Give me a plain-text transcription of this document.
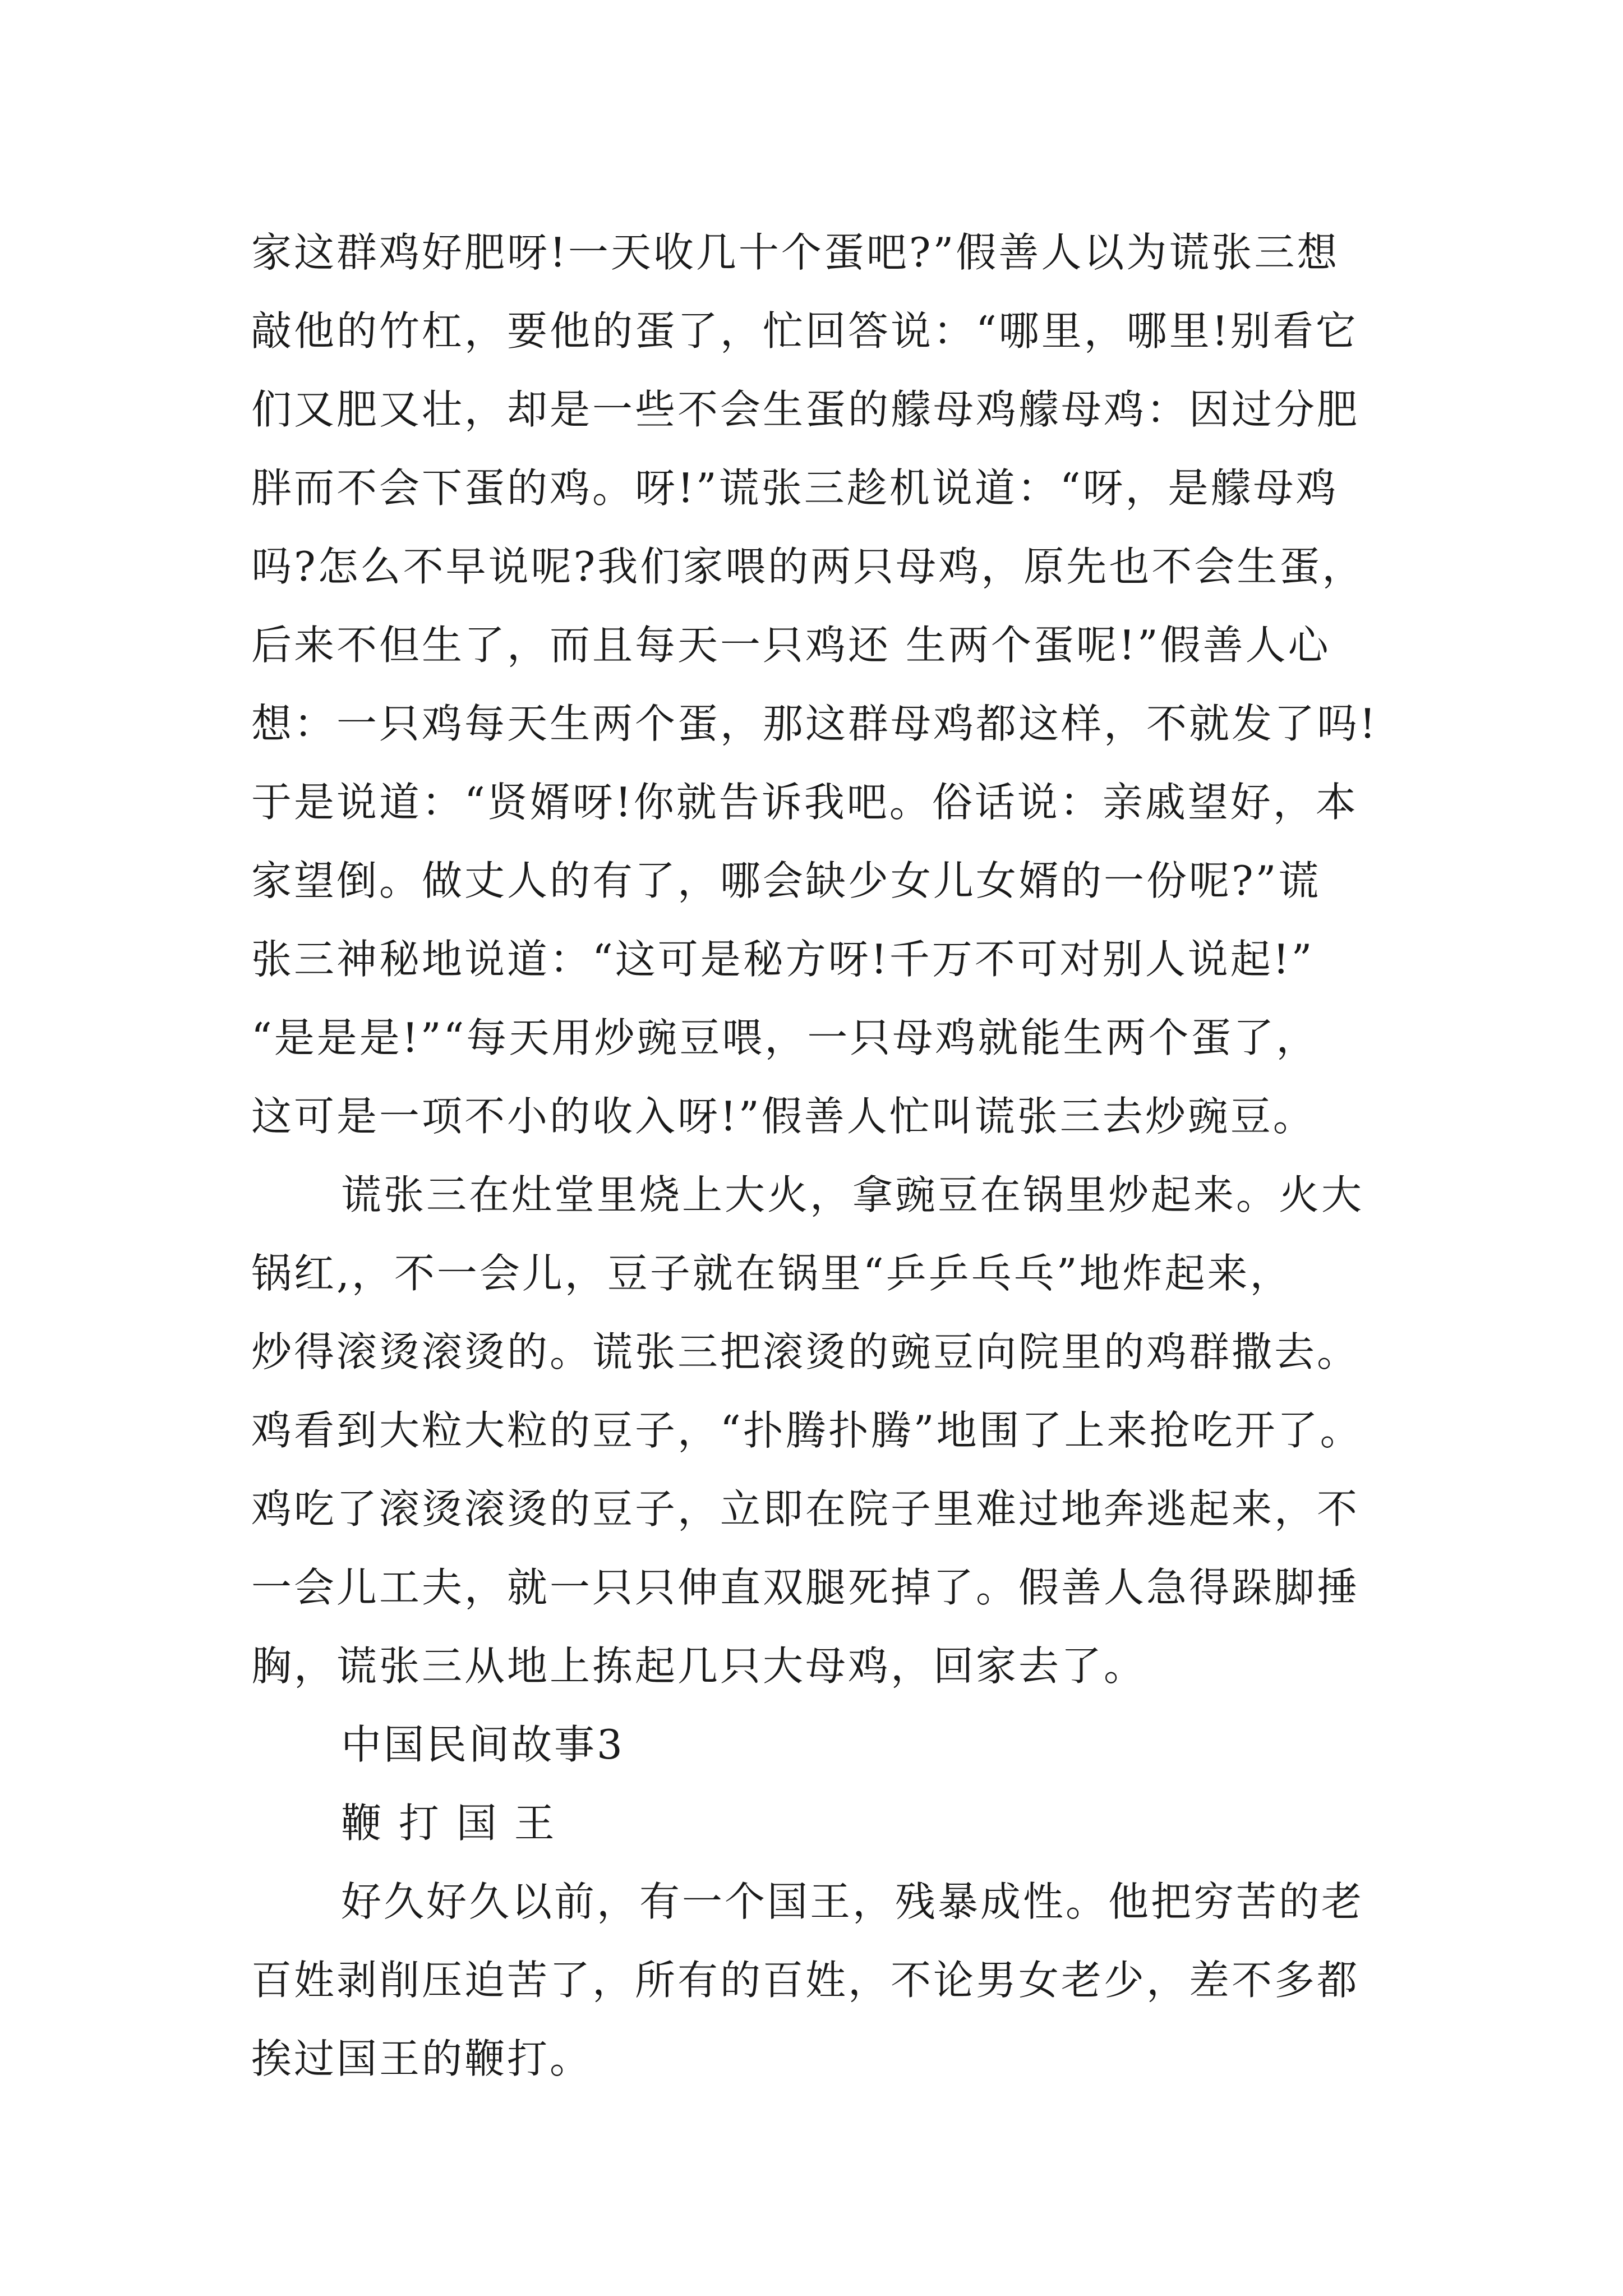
家这群鸡好肥呀!一天收几十个蛋吧?”假善人以为谎张三想
敲他的竹杠，要他的蛋了，忙回答说：“哪里，哪里!别看它
们又肥又壮，却是一些不会生蛋的艨母鸡艨母鸡：因过分肥
胖而不会下蛋的鸡。呀!”谎张三趁机说道：“呀，是艨母鸡
吗?怎么不早说呢?我们家喂的两只母鸡，原先也不会生蛋，
后来不但生了，而且每天一只鸡还 生两个蛋呢!”假善人心
想：一只鸡每天生两个蛋，那这群母鸡都这样，不就发了吗!
于是说道：“贤婿呀!你就告诉我吧。俗话说：亲戚望好，本
家望倒。做丈人的有了，哪会缺少女儿女婿的一份呢?”谎
张三神秘地说道：“这可是秘方呀!千万不可对别人说起!”
“是是是!”“每天用炒豌豆喂，一只母鸡就能生两个蛋了，
这可是一项不小的收入呀!”假善人忙叫谎张三去炒豌豆。
谎张三在灶堂里烧上大火，拿豌豆在锅里炒起来。火大
锅红,，不一会儿，豆子就在锅里“乒乒乓乓”地炸起来，
炒得滚烫滚烫的。谎张三把滚烫的豌豆向院里的鸡群撒去。
鸡看到大粒大粒的豆子，“扑腾扑腾”地围了上来抢吃开了。
鸡吃了滚烫滚烫的豆子，立即在院子里难过地奔逃起来，不
一会儿工夫，就一只只伸直双腿死掉了。假善人急得跺脚捶
胸，谎张三从地上拣起几只大母鸡，回家去了。
中国民间故事3
鞭 打 国 王
好久好久以前，有一个国王，残暴成性。他把穷苦的老
百姓剥削压迫苦了，所有的百姓，不论男女老少，差不多都
挨过国王的鞭打。
